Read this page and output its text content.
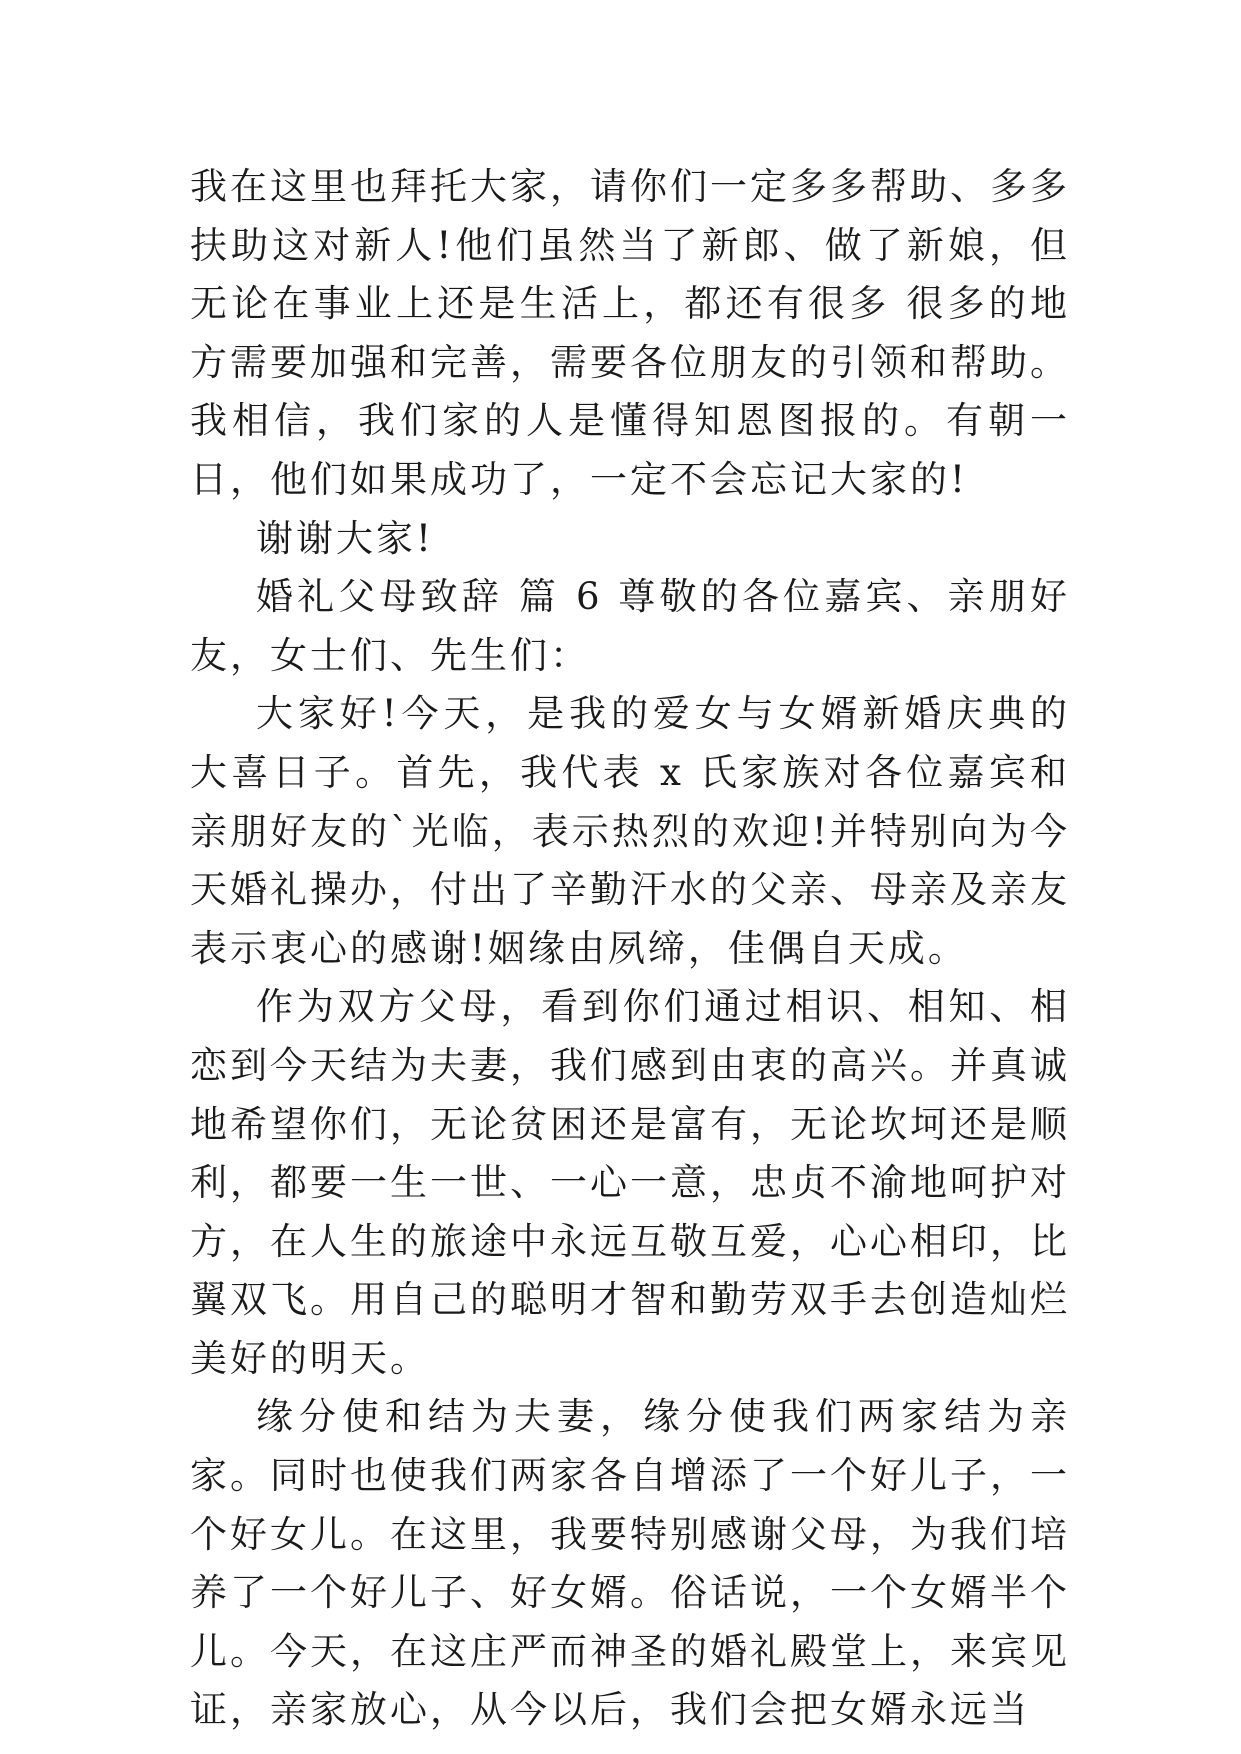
我在这里也拜托大家，请你们一定多多帮助、多多扶助这对新人!他们虽然当了新郎、做了新娘，但无论在事业上还是生活上，都还有很多 很多的地方需要加强和完善，需要各位朋友的引领和帮助。我相信，我们家的人是懂得知恩图报的。有朝一日，他们如果成功了，一定不会忘记大家的!

谢谢大家!

婚礼父母致辞 篇 6 尊敬的各位嘉宾、亲朋好友，女士们、先生们：

大家好!今天，是我的爱女与女婿新婚庆典的大喜日子。首先，我代表 x 氏家族对各位嘉宾和亲朋好友的`光临，表示热烈的欢迎!并特别向为今天婚礼操办，付出了辛勤汗水的父亲、母亲及亲友表示衷心的感谢!姻缘由夙缔，佳偶自天成。

作为双方父母，看到你们通过相识、相知、相恋到今天结为夫妻，我们感到由衷的高兴。并真诚地希望你们，无论贫困还是富有，无论坎坷还是顺利，都要一生一世、一心一意，忠贞不渝地呵护对方，在人生的旅途中永远互敬互爱，心心相印，比翼双飞。用自己的聪明才智和勤劳双手去创造灿烂美好的明天。

缘分使和结为夫妻，缘分使我们两家结为亲家。同时也使我们两家各自增添了一个好儿子，一个好女儿。在这里，我要特别感谢父母，为我们培养了一个好儿子、好女婿。俗话说，一个女婿半个儿。今天，在这庄严而神圣的婚礼殿堂上，来宾见证，亲家放心，从今以后，我们会把女婿永远当
